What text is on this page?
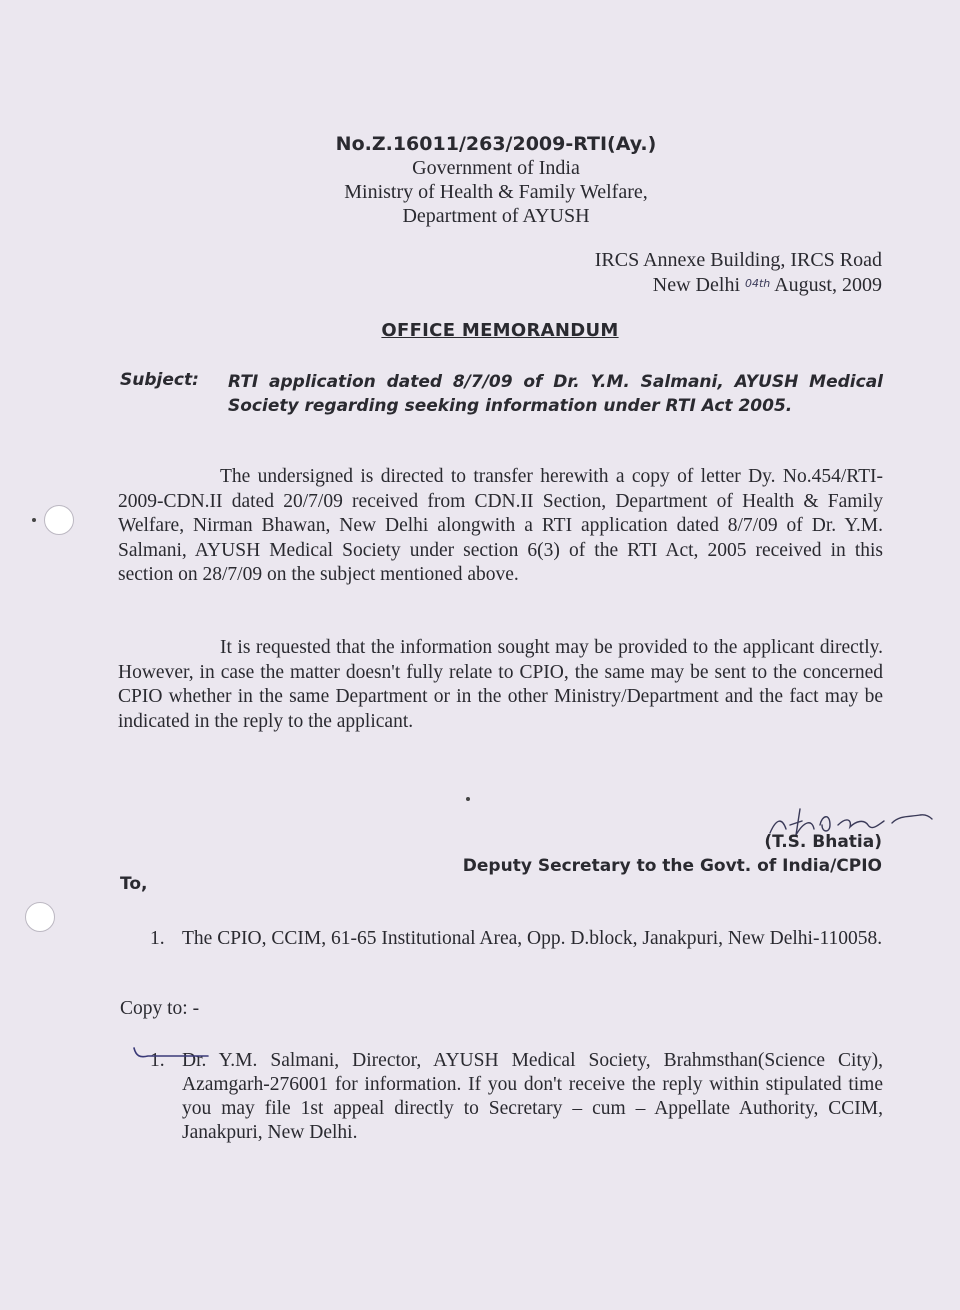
No.Z.16011/263/2009-RTI(Ay.)
Government of India
Ministry of Health & Family Welfare,
Department of AYUSH
IRCS Annexe Building, IRCS Road
New Delhi $^{04th}$ August, 2009
OFFICE MEMORANDUM
Subject: RTI application dated 8/7/09 of Dr. Y.M. Salmani, AYUSH Medical Society regarding seeking information under RTI Act 2005.
The undersigned is directed to transfer herewith a copy of letter Dy. No.454/RTI-2009-CDN.II dated 20/7/09 received from CDN.II Section, Department of Health & Family Welfare, Nirman Bhawan, New Delhi alongwith a RTI application dated 8/7/09 of Dr. Y.M. Salmani, AYUSH Medical Society under section 6(3) of the RTI Act, 2005 received in this section on 28/7/09 on the subject mentioned above.
It is requested that the information sought may be provided to the applicant directly. However, in case the matter doesn't fully relate to CPIO, the same may be sent to the concerned CPIO whether in the same Department or in the other Ministry/Department and the fact may be indicated in the reply to the applicant.
(T.S. Bhatia)
Deputy Secretary to the Govt. of India/CPIO
To,
1. The CPIO, CCIM, 61-65 Institutional Area, Opp. D.block, Janakpuri, New Delhi-110058.
Copy to: -
1. Dr. Y.M. Salmani, Director, AYUSH Medical Society, Brahmsthan(Science City), Azamgarh-276001 for information. If you don't receive the reply within stipulated time you may file 1st appeal directly to Secretary – cum – Appellate Authority, CCIM, Janakpuri, New Delhi.
